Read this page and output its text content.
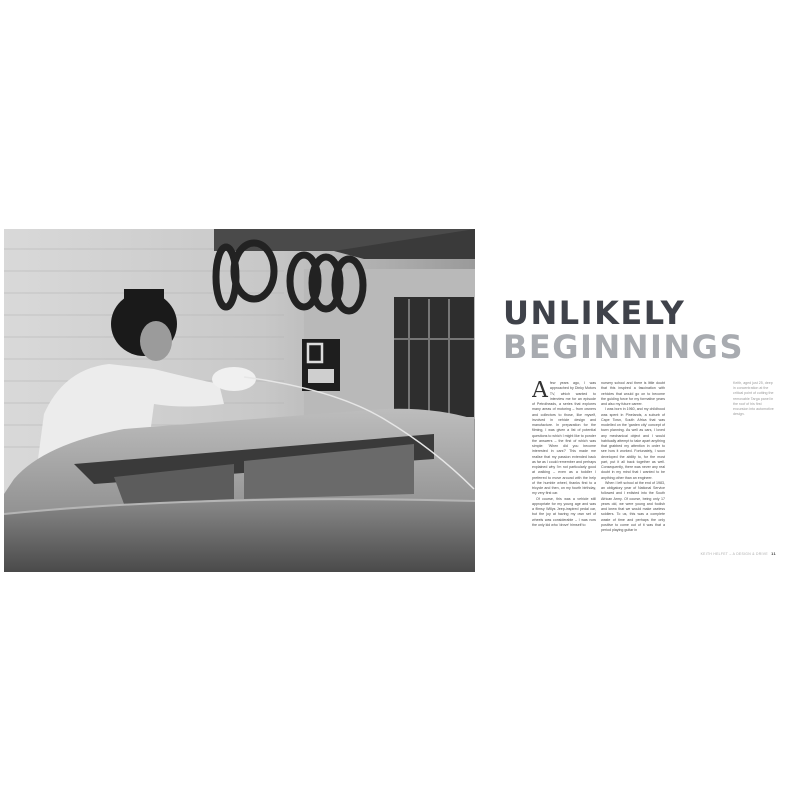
UNLIKELY
BEGINNINGS

Afew years ago, I was approached by Dinky Motors TV, which wanted to interview me for an episode of Petrolheads, a series that explores many areas of motoring – from owners and collectors to those, like myself, involved in vehicle design and manufacture. In preparation for the filming, I was given a list of potential questions to which I might like to ponder the answers – the first of which was simple: 'When did you become interested in cars?' This made me realise that my passion extended back as far as I could remember and perhaps explained why I'm not particularly good at walking – even as a toddler I preferred to move around with the help of the humble wheel, thanks first to a tricycle and then, on my fourth birthday, my very first car.

Of course, this was a vehicle still appropriate for my young age and was a flimsy Willys Jeep-inspired pedal car, but the joy at having my own set of wheels was considerable – I was now the only kid who 'drove' himself to

nursery school and there is little doubt that this inspired a fascination with vehicles that would go on to become the guiding force for my formative years and also my future career.

I was born in 1960, and my childhood was spent in Pinelands, a suburb of Cape Town, South Africa that was modelled on the 'garden city' concept of town planning. As well as cars, I loved any mechanical object and I would habitually attempt to take apart anything that grabbed my attention in order to see how it worked. Fortunately, I soon developed the ability to, for the most part, put it all back together as well. Consequently, there was never any real doubt in my mind that I wanted to be anything other than an engineer.

When I left school at the end of 1983, an obligatory year of National Service followed and I enlisted into the South African Army. Of course, being only 17 years old, we were young and foolish and knew that we would make useless soldiers. To us, this was a complete waste of time and perhaps the only positive to come out of it was that a period playing guitar in

Keith, aged just 25, deep in concentration at the critical point of cutting the removable Targa panel in the roof of his first excursion into automotive design.
KEITH HELFET – A DESIGN & DRIVE 11
